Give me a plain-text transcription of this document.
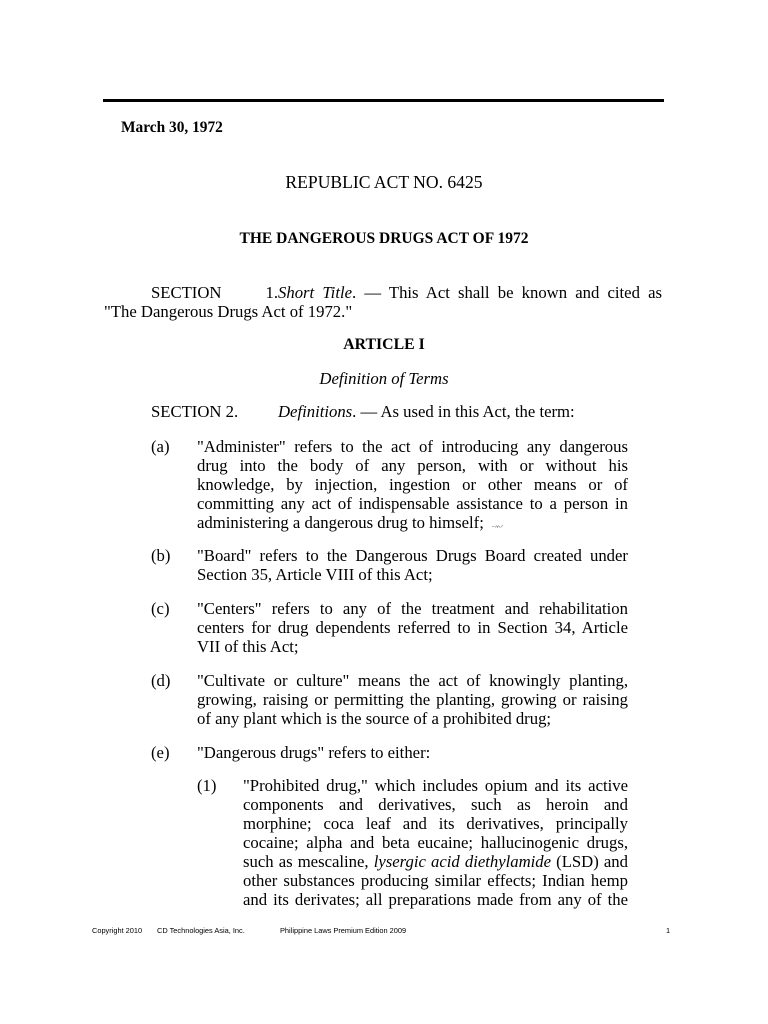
March 30, 1972
REPUBLIC ACT NO. 6425
THE DANGEROUS DRUGS ACT OF 1972
SECTION 1.Short Title. — This Act shall be known and cited as
"The Dangerous Drugs Act of 1972."
ARTICLE I
Definition of Terms
SECTION 2. Definitions. — As used in this Act, the term:
(a) "Administer" refers to the act of introducing any dangerous
drug into the body of any person, with or without his
knowledge, by injection, ingestion or other means or of
committing any act of indispensable assistance to a person in
administering a dangerous drug to himself;
(b) "Board" refers to the Dangerous Drugs Board created under
Section 35, Article VIII of this Act;
(c) "Centers" refers to any of the treatment and rehabilitation
centers for drug dependents referred to in Section 34, Article
VII of this Act;
(d) "Cultivate or culture" means the act of knowingly planting,
growing, raising or permitting the planting, growing or raising
of any plant which is the source of a prohibited drug;
(e) "Dangerous drugs" refers to either:
(1) "Prohibited drug," which includes opium and its active
components and derivatives, such as heroin and
morphine; coca leaf and its derivatives, principally
cocaine; alpha and beta eucaine; hallucinogenic drugs,
such as mescaline, lysergic acid diethylamide (LSD) and
other substances producing similar effects; Indian hemp
and its derivates; all preparations made from any of the
Copyright 2010 CD Technologies Asia, Inc.	Philippine Laws Premium Edition 2009	1
